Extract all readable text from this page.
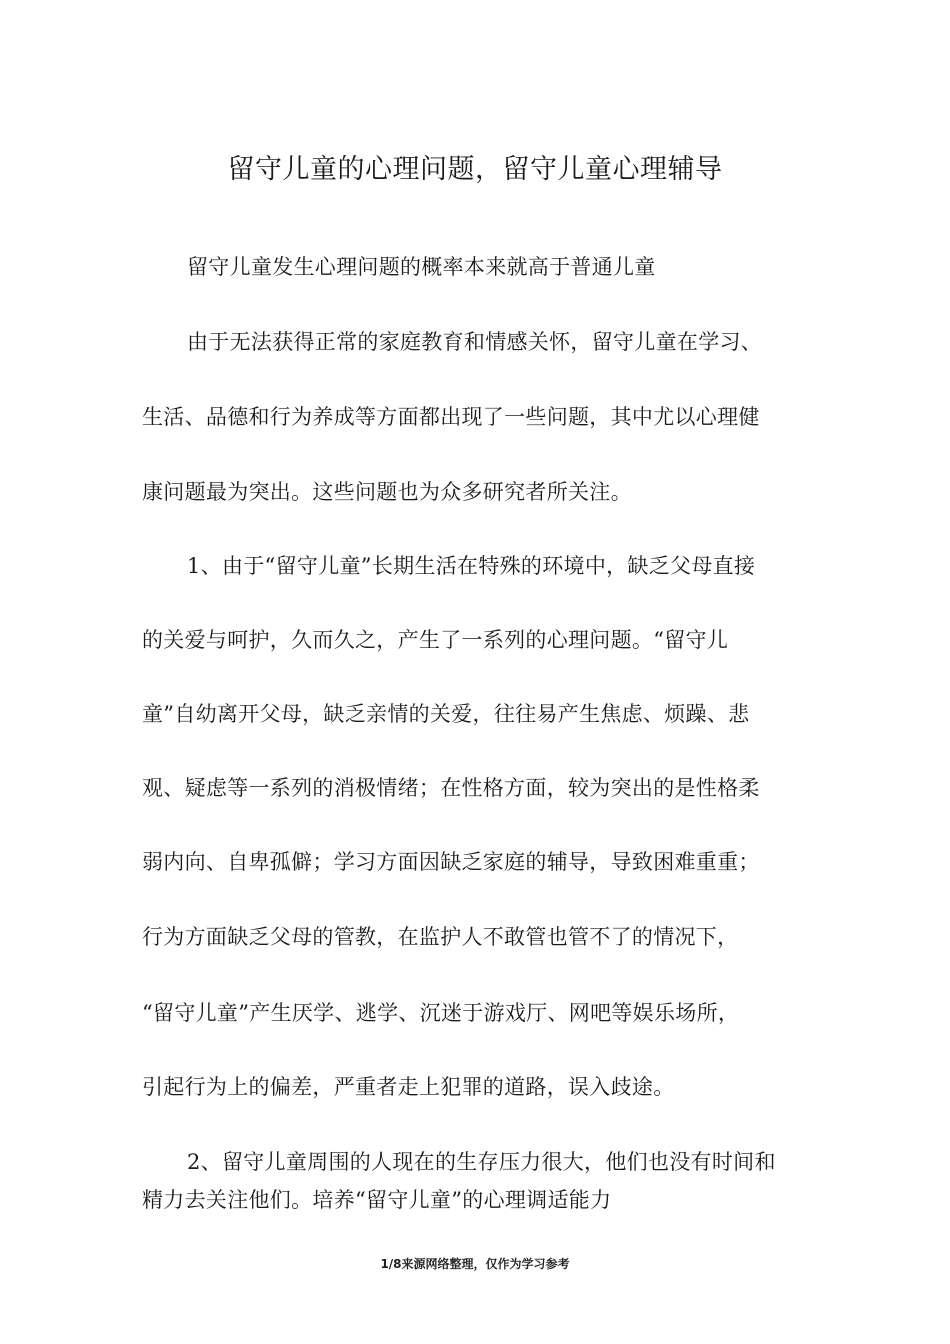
留守儿童的心理问题，留守儿童心理辅导

留守儿童发生心理问题的概率本来就高于普通儿童

由于无法获得正常的家庭教育和情感关怀，留守儿童在学习、

生活、品德和行为养成等方面都出现了一些问题，其中尤以心理健

康问题最为突出。这些问题也为众多研究者所关注。

1、由于“留守儿童”长期生活在特殊的环境中，缺乏父母直接

的关爱与呵护，久而久之，产生了一系列的心理问题。“留守儿

童”自幼离开父母，缺乏亲情的关爱，往往易产生焦虑、烦躁、悲

观、疑虑等一系列的消极情绪；在性格方面，较为突出的是性格柔

弱内向、自卑孤僻；学习方面因缺乏家庭的辅导，导致困难重重；

行为方面缺乏父母的管教，在监护人不敢管也管不了的情况下，

“留守儿童”产生厌学、逃学、沉迷于游戏厅、网吧等娱乐场所，

引起行为上的偏差，严重者走上犯罪的道路，误入歧途。

2、留守儿童周围的人现在的生存压力很大，他们也没有时间和

精力去关注他们。培养“留守儿童”的心理调适能力

1/8来源网络整理，仅作为学习参考
